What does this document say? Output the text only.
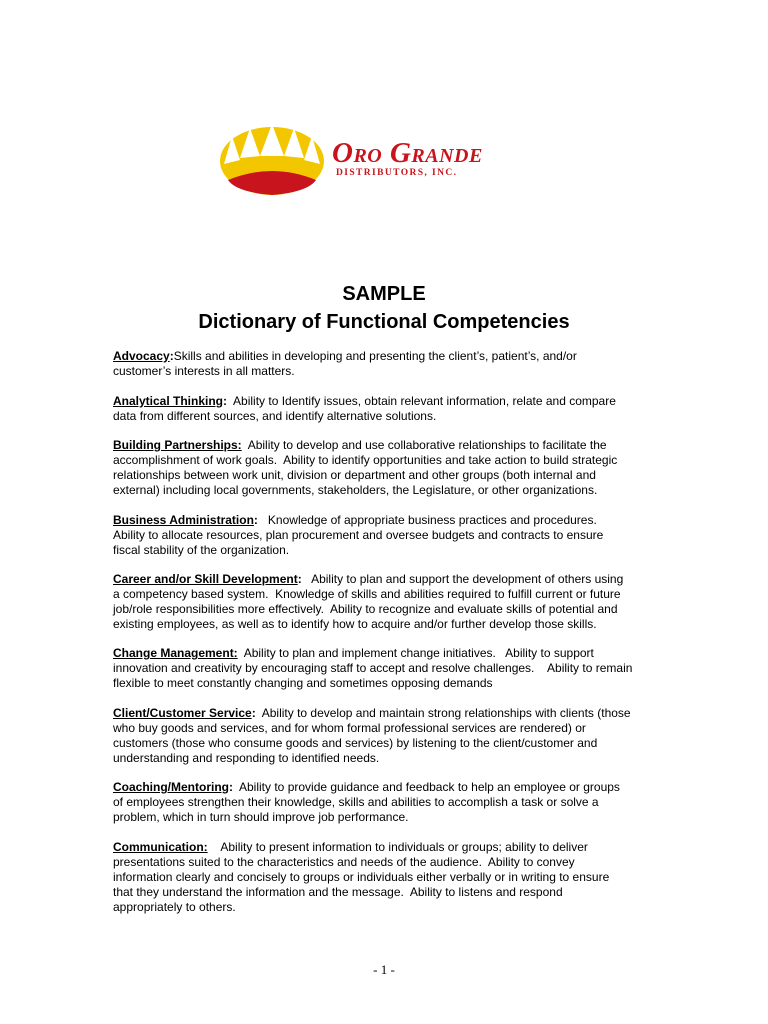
Oro Grande
DISTRIBUTORS, INC.
SAMPLE
Dictionary of Functional Competencies
Advocacy:Skills and abilities in developing and presenting the client’s, patient’s, and/or
customer’s interests in all matters.
Analytical Thinking:  Ability to Identify issues, obtain relevant information, relate and compare
data from different sources, and identify alternative solutions.
Building Partnerships:  Ability to develop and use collaborative relationships to facilitate the
accomplishment of work goals.  Ability to identify opportunities and take action to build strategic
relationships between work unit, division or department and other groups (both internal and
external) including local governments, stakeholders, the Legislature, or other organizations.
Business Administration:   Knowledge of appropriate business practices and procedures.
Ability to allocate resources, plan procurement and oversee budgets and contracts to ensure
fiscal stability of the organization.
Career and/or Skill Development:   Ability to plan and support the development of others using
a competency based system.  Knowledge of skills and abilities required to fulfill current or future
job/role responsibilities more effectively.  Ability to recognize and evaluate skills of potential and
existing employees, as well as to identify how to acquire and/or further develop those skills.
Change Management:  Ability to plan and implement change initiatives.   Ability to support
innovation and creativity by encouraging staff to accept and resolve challenges.    Ability to remain
flexible to meet constantly changing and sometimes opposing demands
Client/Customer Service:  Ability to develop and maintain strong relationships with clients (those
who buy goods and services, and for whom formal professional services are rendered) or
customers (those who consume goods and services) by listening to the client/customer and
understanding and responding to identified needs.
Coaching/Mentoring:  Ability to provide guidance and feedback to help an employee or groups
of employees strengthen their knowledge, skills and abilities to accomplish a task or solve a
problem, which in turn should improve job performance.
Communication:    Ability to present information to individuals or groups; ability to deliver
presentations suited to the characteristics and needs of the audience.  Ability to convey
information clearly and concisely to groups or individuals either verbally or in writing to ensure
that they understand the information and the message.  Ability to listens and respond
appropriately to others.
- 1 -
